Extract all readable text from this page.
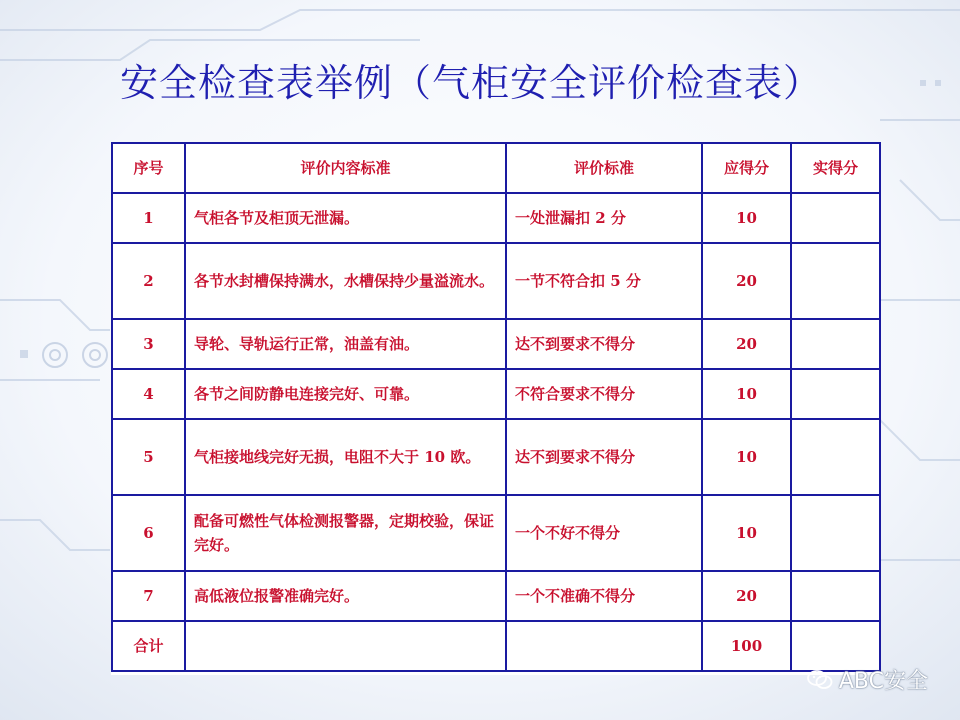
安全检查表举例（气柜安全评价检查表）
序号	评价内容标准	评价标准	应得分	实得分
1	气柜各节及柜顶无泄漏。	一处泄漏扣 2 分	10	
2	各节水封槽保持满水，水槽保持少量溢流水。	一节不符合扣 5 分	20	
3	导轮、导轨运行正常，油盖有油。	达不到要求不得分	20	
4	各节之间防静电连接完好、可靠。	不符合要求不得分	10	
5	气柜接地线完好无损，电阻不大于 10 欧。	达不到要求不得分	10	
6	配备可燃性气体检测报警器，定期校验，保证完好。	一个不好不得分	10	
7	高低液位报警准确完好。	一个不准确不得分	20	
合计			100	
ABC安全
